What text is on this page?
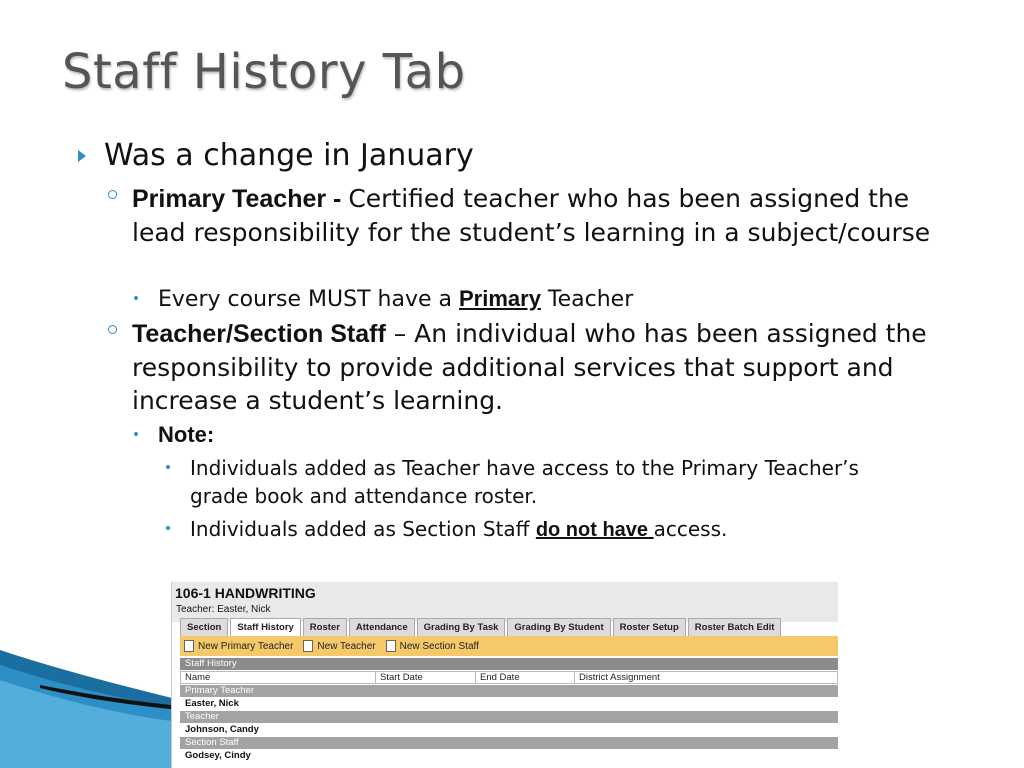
Staff History Tab
Was a change in January
Primary Teacher - Certified teacher who has been assigned the lead responsibility for the student’s learning in a subject/course
Every course MUST have a Primary Teacher
Teacher/Section Staff – An individual who has been assigned the responsibility to provide additional services that support and increase a student’s learning.
Note:
Individuals added as Teacher have access to the Primary Teacher’s grade book and attendance roster.
Individuals added as Section Staff do not have access.
106-1 HANDWRITING
Teacher: Easter, Nick
Section	Staff History	Roster	Attendance	Grading By Task	Grading By Student	Roster Setup	Roster Batch Edit
New Primary Teacher New Teacher New Section Staff
Staff History
Name	Start Date	End Date	District Assignment
Primary Teacher
Easter, Nick
Teacher
Johnson, Candy
Section Staff
Godsey, Cindy
